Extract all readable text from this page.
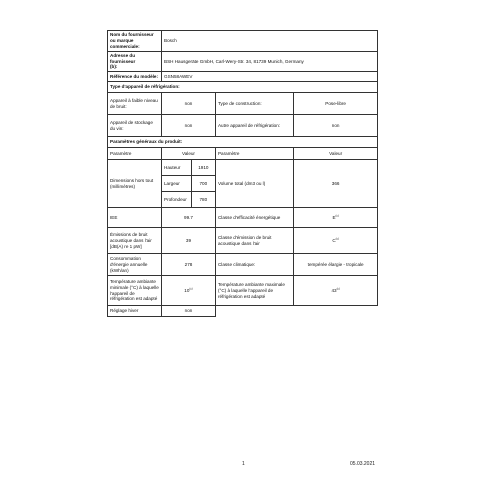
Nom du fournisseur ou marque commerciale:	Bosch			
Adresse du fournisseur
(b):	BSH Hausgeräte GmbH, Carl-Wery-Str. 34, 81739 Munich, Germany			
Référence du modèle:	GSN58AWEV			
Type d'appareil de réfrigération:				
Appareil à faible niveau de bruit:	non		Type de construction:	Pose-libre
Appareil de stockage du vin:	non		Autre appareil de réfrigération:	non
Paramètres généraux du produit:				
Paramètre	Valeur		Paramètre	Valeur
Dimensions hors tout (millimètres)	Hauteur	1910	Volume total (dm3 ou l)	366
	Largeur	700		
	Profondeur	780		
IEE	99.7		Classe d'efficacité énergétique	$E^{(c)}$
Émissions de bruit acoustique dans l'air [dB(A) re 1 pW]	39		Classe d'émission de bruit acoustique dans l'air	$C^{(c)}$
Consommation d'énergie annuelle (kWh/an)	278		Classe climatique:	tempérée élargie - tropicale
Température ambiante minimale (°C) à laquelle l'appareil de réfrigération est adapté	10$^{(c)}$		Température ambiante maximale (°C) à laquelle l'appareil de réfrigération est adapté	43$^{(c)}$
Réglage hiver	non			
1	05.03.2021
